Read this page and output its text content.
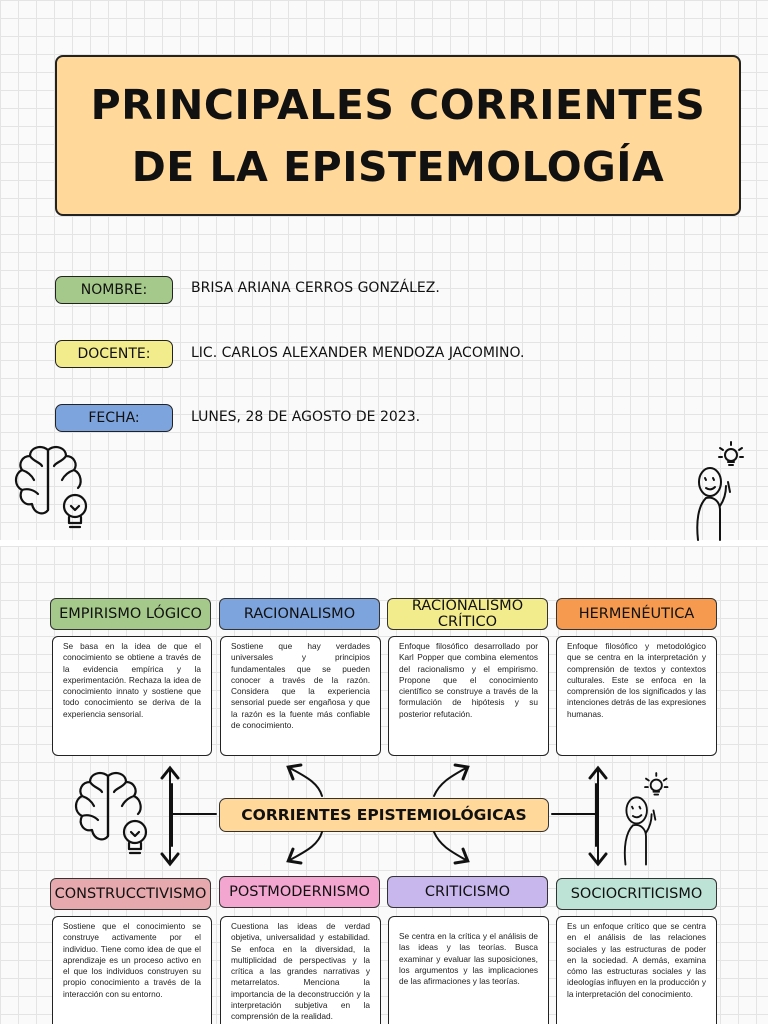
PRINCIPALES CORRIENTES
DE LA EPISTEMOLOGÍA
NOMBRE:	BRISA ARIANA CERROS GONZÁLEZ.
DOCENTE:	LIC. CARLOS ALEXANDER MENDOZA JACOMINO.
FECHA:	LUNES, 28 DE AGOSTO DE 2023.
EMPIRISMO LÓGICO	RACIONALISMO	RACIONALISMO CRÍTICO	HERMENÉUTICA
Se basa en la idea de que el conocimiento se obtiene a través de la evidencia empírica y la experimentación. Rechaza la idea de conocimiento innato y sostiene que todo conocimiento se deriva de la experiencia sensorial.
Sostiene que hay verdades universales y principios fundamentales que se pueden conocer a través de la razón. Considera que la experiencia sensorial puede ser engañosa y que la razón es la fuente más confiable de conocimiento.
Enfoque filosófico desarrollado por Karl Popper que combina elementos del racionalismo y el empirismo. Propone que el conocimiento científico se construye a través de la formulación de hipótesis y su posterior refutación.
Enfoque filosófico y metodológico que se centra en la interpretación y comprensión de textos y contextos culturales. Este se enfoca en la comprensión de los significados y las intenciones detrás de las expresiones humanas.
CORRIENTES EPISTEMIOLÓGICAS
CONSTRUCCTIVISMO	POSTMODERNISMO	CRITICISMO	SOCIOCRITICISMO
Sostiene que el conocimiento se construye activamente por el individuo. Tiene como idea de que el aprendizaje es un proceso activo en el que los individuos construyen su propio conocimiento a través de la interacción con su entorno.
Cuestiona las ideas de verdad objetiva, universalidad y estabilidad. Se enfoca en la diversidad, la multiplicidad de perspectivas y la crítica a las grandes narrativas y metarrelatos. Menciona la importancia de la deconstrucción y la interpretación subjetiva en la comprensión de la realidad.
Se centra en la crítica y el análisis de las ideas y las teorías. Busca examinar y evaluar las suposiciones, los argumentos y las implicaciones de las afirmaciones y las teorías.
Es un enfoque crítico que se centra en el análisis de las relaciones sociales y las estructuras de poder en la sociedad. A demás, examina cómo las estructuras sociales y las ideologías influyen en la producción y la interpretación del conocimiento.
